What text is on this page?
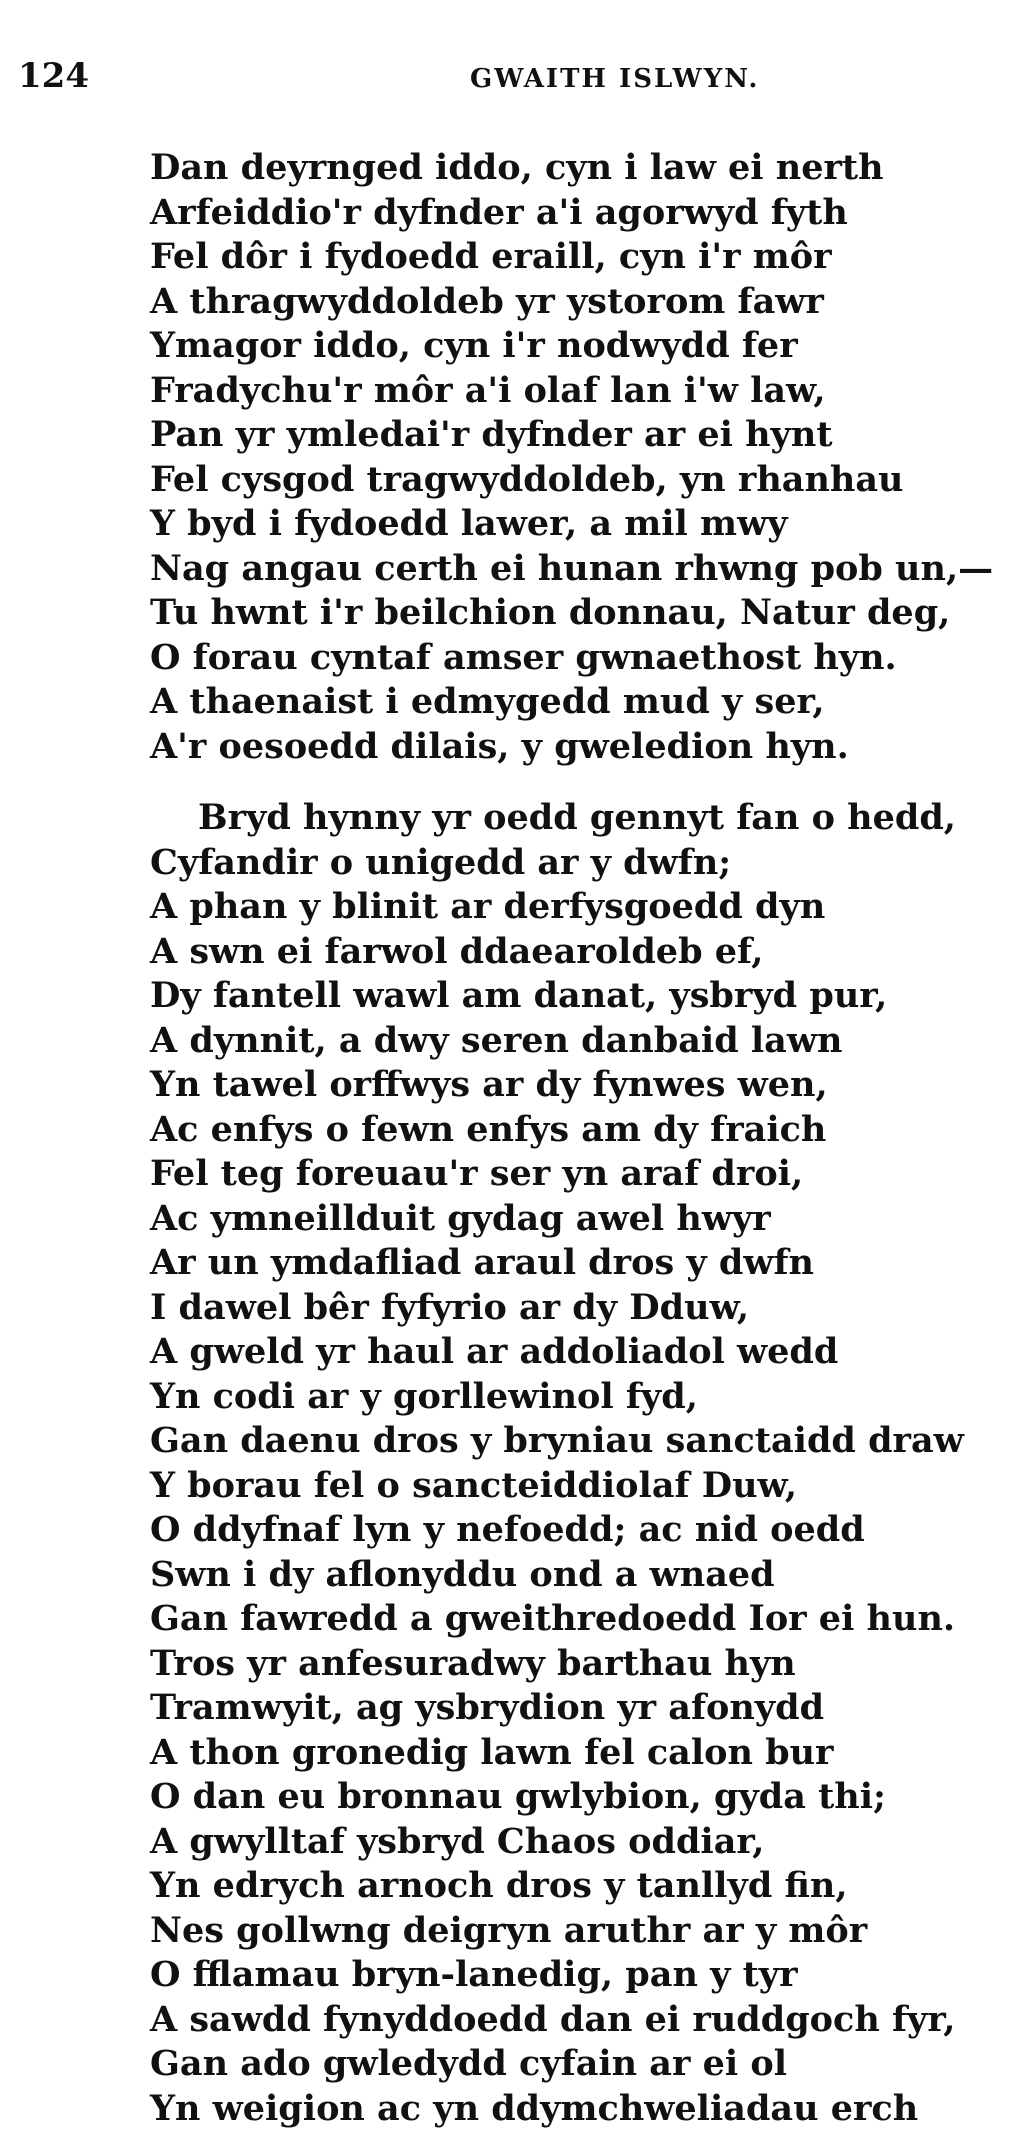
124	GWAITH ISLWYN.
Dan deyrnged iddo, cyn i law ei nerth
Arfeiddio'r dyfnder a'i agorwyd fyth
Fel dôr i fydoedd eraill, cyn i'r môr
A thragwyddoldeb yr ystorom fawr
Ymagor iddo, cyn i'r nodwydd fer
Fradychu'r môr a'i olaf lan i'w law,
Pan yr ymledai'r dyfnder ar ei hynt
Fel cysgod tragwyddoldeb, yn rhanhau
Y byd i fydoedd lawer, a mil mwy
Nag angau certh ei hunan rhwng pob un,—
Tu hwnt i'r beilchion donnau, Natur deg,
O forau cyntaf amser gwnaethost hyn.
A thaenaist i edmygedd mud y ser,
A'r oesoedd dilais, y gweledion hyn.
Bryd hynny yr oedd gennyt fan o hedd,
Cyfandir o unigedd ar y dwfn;
A phan y blinit ar derfysgoedd dyn
A swn ei farwol ddaearoldeb ef,
Dy fantell wawl am danat, ysbryd pur,
A dynnit, a dwy seren danbaid lawn
Yn tawel orffwys ar dy fynwes wen,
Ac enfys o fewn enfys am dy fraich
Fel teg foreuau'r ser yn araf droi,
Ac ymneillduit gydag awel hwyr
Ar un ymdafliad araul dros y dwfn
I dawel bêr fyfyrio ar dy Dduw,
A gweld yr haul ar addoliadol wedd
Yn codi ar y gorllewinol fyd,
Gan daenu dros y bryniau sanctaidd draw
Y borau fel o sancteiddiolaf Duw,
O ddyfnaf lyn y nefoedd; ac nid oedd
Swn i dy aflonyddu ond a wnaed
Gan fawredd a gweithredoedd Ior ei hun.
Tros yr anfesuradwy barthau hyn
Tramwyit, ag ysbrydion yr afonydd
A thon gronedig lawn fel calon bur
O dan eu bronnau gwlybion, gyda thi;
A gwylltaf ysbryd Chaos oddiar,
Yn edrych arnoch dros y tanllyd fin,
Nes gollwng deigryn aruthr ar y môr
O fflamau bryn-lanedig, pan y tyr
A sawdd fynyddoedd dan ei ruddgoch fyr,
Gan ado gwledydd cyfain ar ei ol
Yn weigion ac yn ddymchweliadau erch
